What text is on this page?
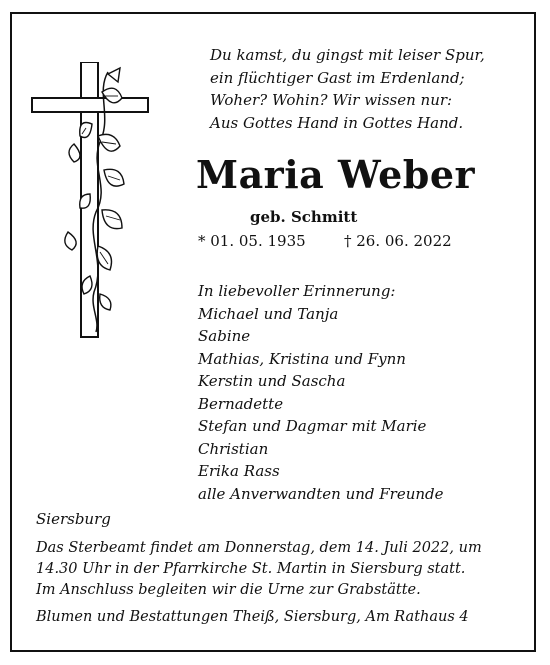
Du kamst, du gingst mit leiser Spur,
ein flüchtiger Gast im Erdenland;
Woher? Wohin? Wir wissen nur:
Aus Gottes Hand in Gottes Hand.
Maria Weber
geb. Schmitt
* 01. 05. 1935	† 26. 06. 2022
In liebevoller Erinnerung:
Michael und Tanja
Sabine
Mathias, Kristina und Fynn
Kerstin und Sascha
Bernadette
Stefan und Dagmar mit Marie
Christian
Erika Rass
alle Anverwandten und Freunde
Siersburg
Das Sterbeamt findet am Donnerstag, dem 14. Juli 2022, um
14.30 Uhr in der Pfarrkirche St. Martin in Siersburg statt.
Im Anschluss begleiten wir die Urne zur Grabstätte.
Blumen und Bestattungen Theiß, Siersburg, Am Rathaus 4
